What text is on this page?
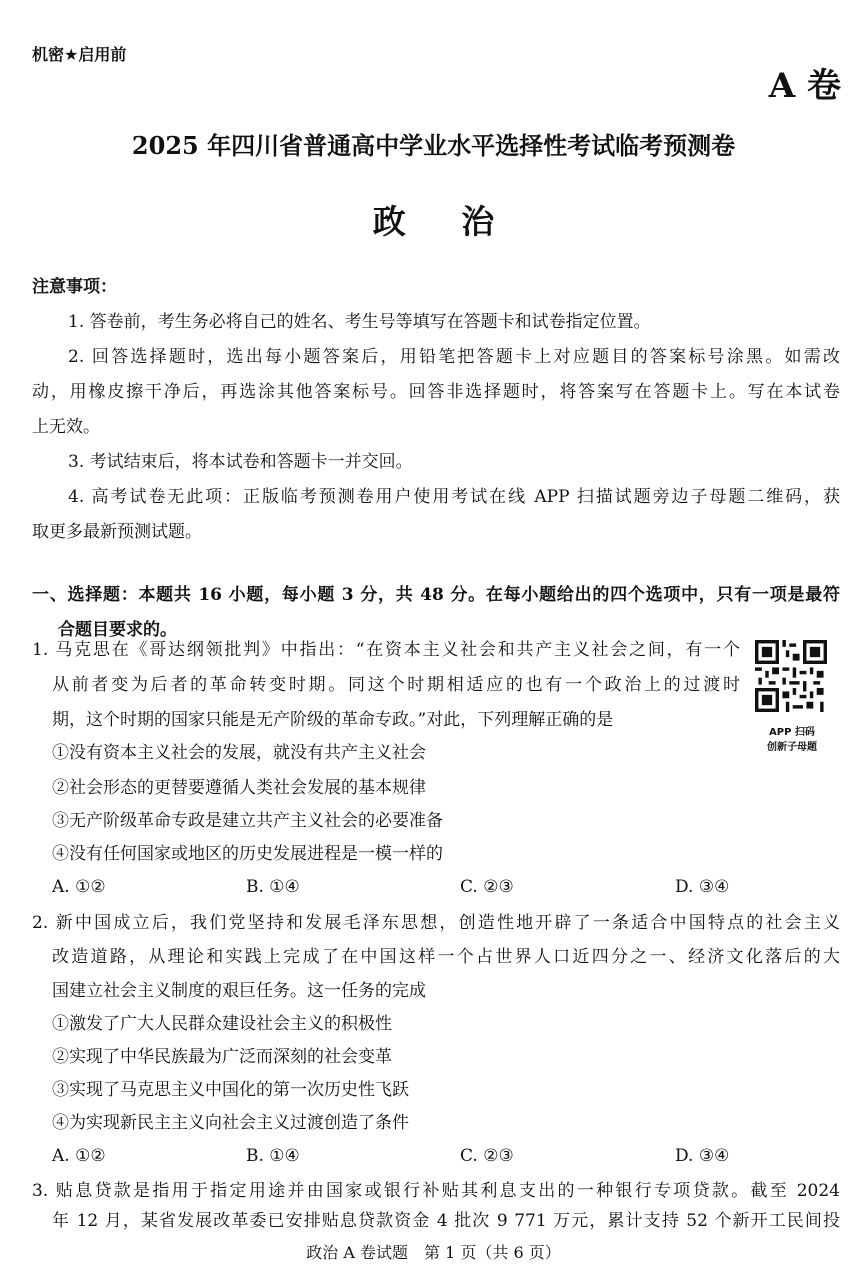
机密★启用前
A 卷
2025 年四川省普通高中学业水平选择性考试临考预测卷
政 治
注意事项：
1. 答卷前，考生务必将自己的姓名、考生号等填写在答题卡和试卷指定位置。
2. 回答选择题时，选出每小题答案后，用铅笔把答题卡上对应题目的答案标号涂黑。如需改
动，用橡皮擦干净后，再选涂其他答案标号。回答非选择题时，将答案写在答题卡上。写在本试卷
上无效。
3. 考试结束后，将本试卷和答题卡一并交回。
4. 高考试卷无此项：正版临考预测卷用户使用考试在线 APP 扫描试题旁边子母题二维码，获
取更多最新预测试题。
一、选择题：本题共 16 小题，每小题 3 分，共 48 分。在每小题给出的四个选项中，只有一项是最符
合题目要求的。
APP 扫码
创新子母题
1. 马克思在《哥达纲领批判》中指出：“在资本主义社会和共产主义社会之间，有一个
从前者变为后者的革命转变时期。同这个时期相适应的也有一个政治上的过渡时
期，这个时期的国家只能是无产阶级的革命专政。”对此，下列理解正确的是
①没有资本主义社会的发展，就没有共产主义社会
②社会形态的更替要遵循人类社会发展的基本规律
③无产阶级革命专政是建立共产主义社会的必要准备
④没有任何国家或地区的历史发展进程是一模一样的
A. ①②	B. ①④	C. ②③	D. ③④
2. 新中国成立后，我们党坚持和发展毛泽东思想，创造性地开辟了一条适合中国特点的社会主义
改造道路，从理论和实践上完成了在中国这样一个占世界人口近四分之一、经济文化落后的大
国建立社会主义制度的艰巨任务。这一任务的完成
①激发了广大人民群众建设社会主义的积极性
②实现了中华民族最为广泛而深刻的社会变革
③实现了马克思主义中国化的第一次历史性飞跃
④为实现新民主主义向社会主义过渡创造了条件
A. ①②	B. ①④	C. ②③	D. ③④
3. 贴息贷款是指用于指定用途并由国家或银行补贴其利息支出的一种银行专项贷款。截至 2024
年 12 月，某省发展改革委已安排贴息贷款资金 4 批次 9 771 万元，累计支持 52 个新开工民间投
政治 A 卷试题　第 1 页（共 6 页）
